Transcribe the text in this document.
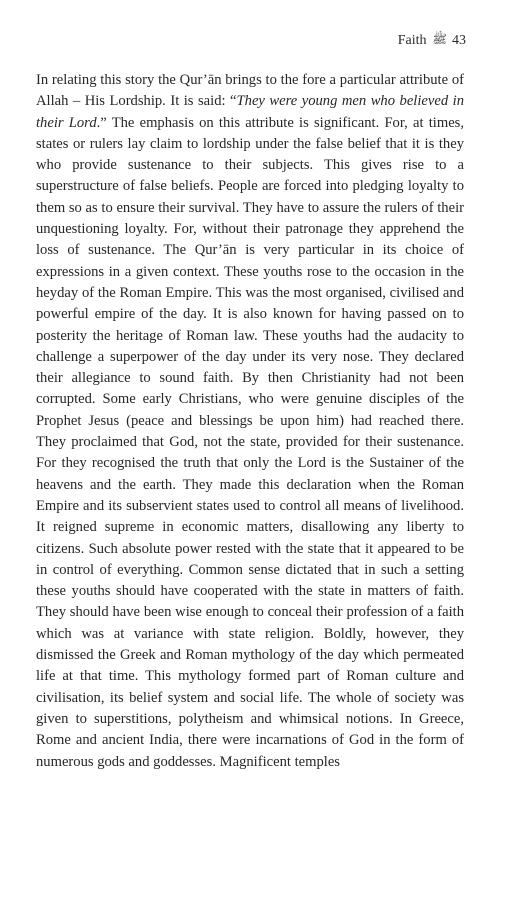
Faith ﷺ 43

In relating this story the Qur’ān brings to the fore a particular attribute of Allah – His Lordship. It is said: “They were young men who believed in their Lord.” The emphasis on this attribute is significant. For, at times, states or rulers lay claim to lordship under the false belief that it is they who provide sustenance to their subjects. This gives rise to a superstructure of false beliefs. People are forced into pledging loyalty to them so as to ensure their survival. They have to assure the rulers of their unquestioning loyalty. For, without their patronage they apprehend the loss of sustenance. The Qur’ān is very particular in its choice of expressions in a given context. These youths rose to the occasion in the heyday of the Roman Empire. This was the most organised, civilised and powerful empire of the day. It is also known for having passed on to posterity the heritage of Roman law. These youths had the audacity to challenge a superpower of the day under its very nose. They declared their allegiance to sound faith. By then Christianity had not been corrupted. Some early Christians, who were genuine disciples of the Prophet Jesus (peace and blessings be upon him) had reached there. They proclaimed that God, not the state, provided for their sustenance. For they recognised the truth that only the Lord is the Sustainer of the heavens and the earth. They made this declaration when the Roman Empire and its subservient states used to control all means of livelihood. It reigned supreme in economic matters, disallowing any liberty to citizens. Such absolute power rested with the state that it appeared to be in control of everything. Common sense dictated that in such a setting these youths should have cooperated with the state in matters of faith. They should have been wise enough to conceal their profession of a faith which was at variance with state religion. Boldly, however, they dismissed the Greek and Roman mythology of the day which permeated life at that time. This mythology formed part of Roman culture and civilisation, its belief system and social life. The whole of society was given to superstitions, polytheism and whimsical notions. In Greece, Rome and ancient India, there were incarnations of God in the form of numerous gods and goddesses. Magnificent temples
